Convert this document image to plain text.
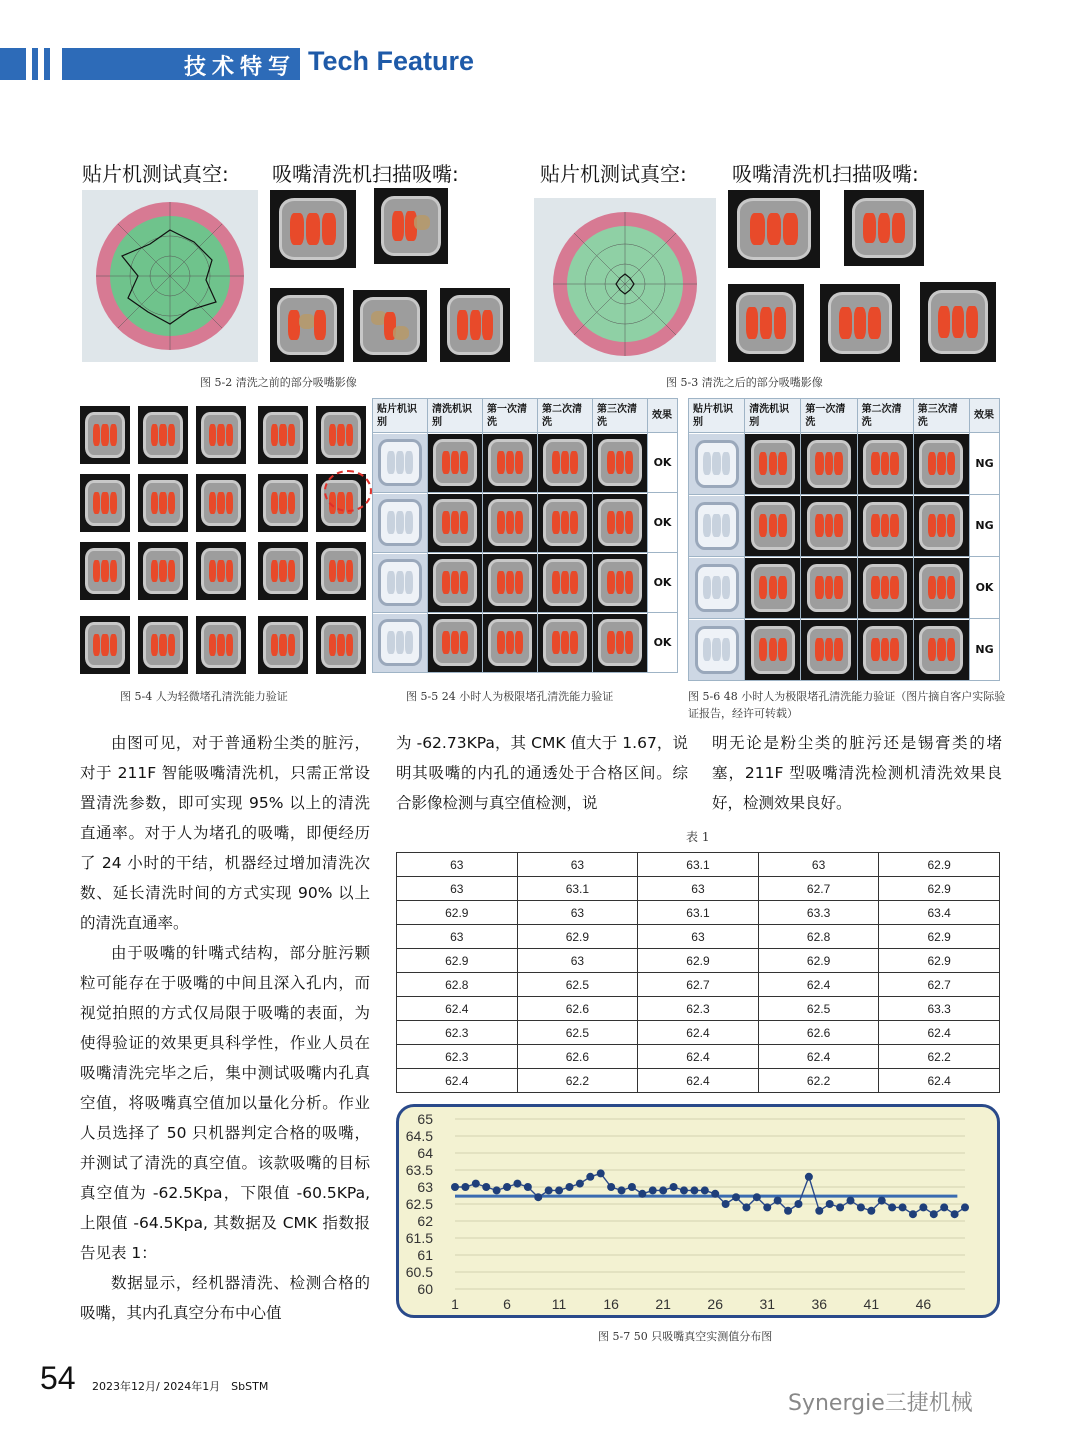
技术特写 Tech Feature
贴片机测试真空: 吸嘴清洗机扫描吸嘴:	贴片机测试真空: 吸嘴清洗机扫描吸嘴:
图 5-2 清洗之前的部分吸嘴影像	图 5-3 清洗之后的部分吸嘴影像
贴片机识别	清洗机识别	第一次清洗	第二次清洗	第三次清洗	效果

	OK

	OK

	OK

	OK
贴片机识别	清洗机识别	第一次清洗	第二次清洗	第三次清洗	效果

	NG

	NG

	OK

	NG
图 5-4 人为轻微堵孔清洗能力验证	图 5-5 24 小时人为极限堵孔清洗能力验证	图 5-6 48 小时人为极限堵孔清洗能力验证（图片摘自客户实际验证报告，经许可转载）

由图可见，对于普通粉尘类的脏污，对于 211F 智能吸嘴清洗机，只需正常设置清洗参数，即可实现 95% 以上的清洗直通率。对于人为堵孔的吸嘴，即便经历了 24 小时的干结，机器经过增加清洗次数、延长清洗时间的方式实现 90% 以上的清洗直通率。

由于吸嘴的针嘴式结构，部分脏污颗粒可能存在于吸嘴的中间且深入孔内，而视觉拍照的方式仅局限于吸嘴的表面，为使得验证的效果更具科学性，作业人员在吸嘴清洗完毕之后，集中测试吸嘴内孔真空值，将吸嘴真空值加以量化分析。作业人员选择了 50 只机器判定合格的吸嘴，并测试了清洗的真空值。该款吸嘴的目标真空值为 -62.5Kpa，下限值 -60.5KPa, 上限值 -64.5Kpa, 其数据及 CMK 指数报告见表 1：

数据显示，经机器清洗、检测合格的吸嘴，其内孔真空分布中心值

为 -62.73KPa，其 CMK 值大于 1.67，说明其吸嘴的内孔的通透处于合格区间。综合影像检测与真空值检测，说

明无论是粉尘类的脏污还是锡膏类的堵塞，211F 型吸嘴清洗检测机清洗效果良好，检测效果良好。

表 1
63	63	63.1	63	62.9
63	63.1	63	62.7	62.9
62.9	63	63.1	63.3	63.4
63	62.9	63	62.8	62.9
62.9	63	62.9	62.9	62.9
62.8	62.5	62.7	62.4	62.7
62.4	62.6	62.3	62.5	63.3
62.3	62.5	62.4	62.6	62.4
62.3	62.6	62.4	62.4	62.2
62.4	62.2	62.4	62.2	62.4
65
64.5
64
63.5
63
62.5
62
61.5
61
60.5
60
1	6	11	16	21	26	31	36	41	46
图 5-7 50 只吸嘴真空实测值分布图
54 2023年12月/ 2024年1月　SbSTM
Synergie三捷机械
